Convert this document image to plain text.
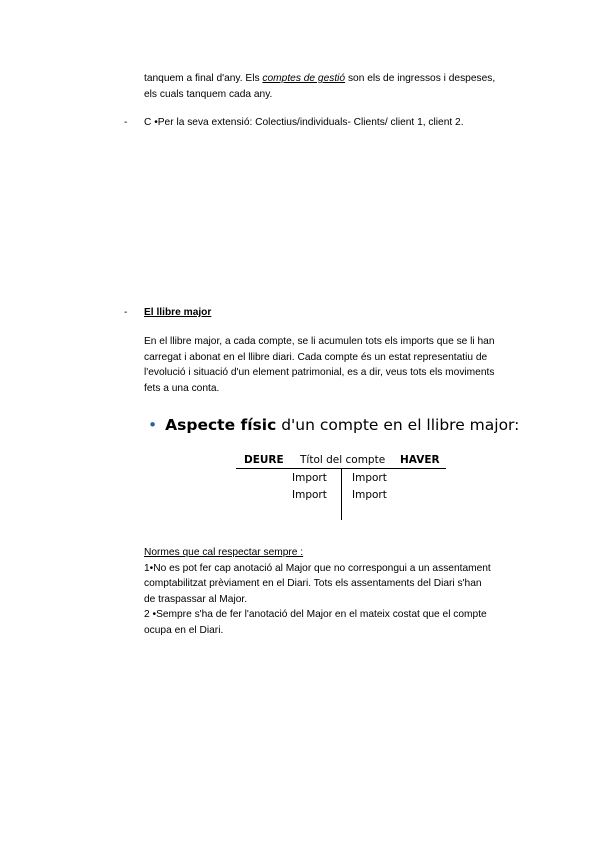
tanquem a final d'any. Els comptes de gestió son els de ingressos i despeses,
els cuals tanquem cada any.
- C •Per la seva extensió: Colectius/individuals- Clients/ client 1, client 2.
- El llibre major
En el llibre major, a cada compte, se li acumulen tots els imports que se li han
carregat i abonat en el llibre diari. Cada compte és un estat representatiu de
l'evolució i situació d'un element patrimonial, es a dir, veus tots els moviments
fets a una conta.
• Aspecte físic d'un compte en el llibre major:
DEURE Títol del compte HAVER
Import Import
Import Import
Normes que cal respectar sempre :
1•No es pot fer cap anotació al Major que no correspongui a un assentament
comptabilitzat prèviament en el Diari. Tots els assentaments del Diari s'han
de traspassar al Major.
2 •Sempre s'ha de fer l'anotació del Major en el mateix costat que el compte
ocupa en el Diari.
